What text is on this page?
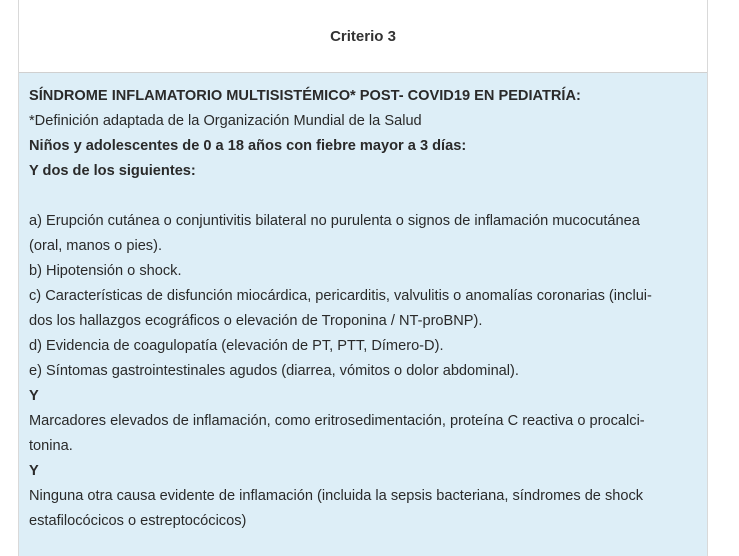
Criterio 3
SÍNDROME INFLAMATORIO MULTISISTÉMICO* POST- COVID19 EN PEDIATRÍA:
*Definición adaptada de la Organización Mundial de la Salud
Niños y adolescentes de 0 a 18 años con fiebre mayor a 3 días:
Y dos de los siguientes:
a) Erupción cutánea o conjuntivitis bilateral no purulenta o signos de inflamación mucocutánea
(oral, manos o pies).
b) Hipotensión o shock.
c) Características de disfunción miocárdica, pericarditis, valvulitis o anomalías coronarias (inclui-
dos los hallazgos ecográficos o elevación de Troponina / NT-proBNP).
d) Evidencia de coagulopatía (elevación de PT, PTT, Dímero-D).
e) Síntomas gastrointestinales agudos (diarrea, vómitos o dolor abdominal).
Y
Marcadores elevados de inflamación, como eritrosedimentación, proteína C reactiva o procalci-
tonina.
Y
Ninguna otra causa evidente de inflamación (incluida la sepsis bacteriana, síndromes de shock
estafilocócicos o estreptocócicos)
